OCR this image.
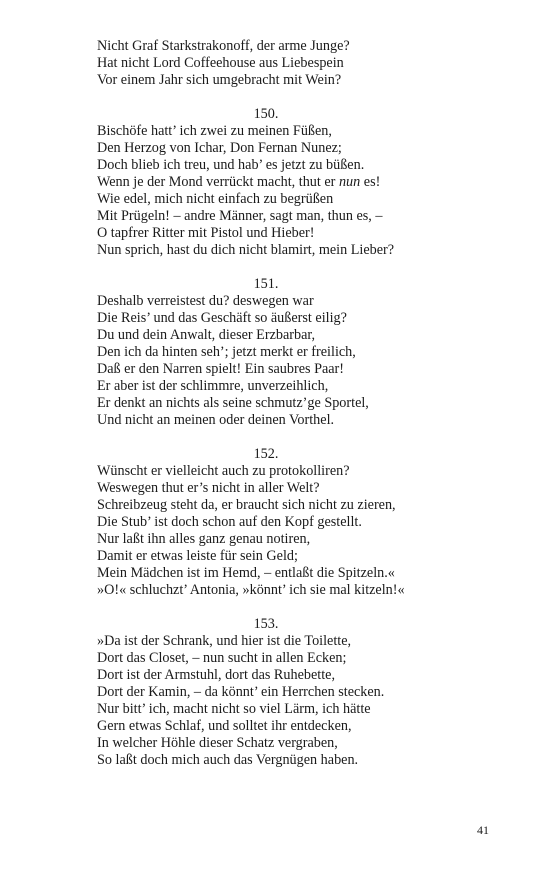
Nicht Graf Starkstrakonoff, der arme Junge?
Hat nicht Lord Coffeehouse aus Liebespein
Vor einem Jahr sich umgebracht mit Wein?
150.
Bischöfe hatt’ ich zwei zu meinen Füßen,
Den Herzog von Ichar, Don Fernan Nunez;
Doch blieb ich treu, und hab’ es jetzt zu büßen.
Wenn je der Mond verrückt macht, thut er nun es!
Wie edel, mich nicht einfach zu begrüßen
Mit Prügeln! – andre Männer, sagt man, thun es, –
O tapfrer Ritter mit Pistol und Hieber!
Nun sprich, hast du dich nicht blamirt, mein Lieber?
151.
Deshalb verreistest du? deswegen war
Die Reis’ und das Geschäft so äußerst eilig?
Du und dein Anwalt, dieser Erzbarbar,
Den ich da hinten seh’; jetzt merkt er freilich,
Daß er den Narren spielt! Ein saubres Paar!
Er aber ist der schlimmre, unverzeihlich,
Er denkt an nichts als seine schmutz’ge Sportel,
Und nicht an meinen oder deinen Vorthel.
152.
Wünscht er vielleicht auch zu protokolliren?
Weswegen thut er’s nicht in aller Welt?
Schreibzeug steht da, er braucht sich nicht zu zieren,
Die Stub’ ist doch schon auf den Kopf gestellt.
Nur laßt ihn alles ganz genau notiren,
Damit er etwas leiste für sein Geld;
Mein Mädchen ist im Hemd, – entlaßt die Spitzeln.«
»O!« schluchzt’ Antonia, »könnt’ ich sie mal kitzeln!«
153.
»Da ist der Schrank, und hier ist die Toilette,
Dort das Closet, – nun sucht in allen Ecken;
Dort ist der Armstuhl, dort das Ruhebette,
Dort der Kamin, – da könnt’ ein Herrchen stecken.
Nur bitt’ ich, macht nicht so viel Lärm, ich hätte
Gern etwas Schlaf, und solltet ihr entdecken,
In welcher Höhle dieser Schatz vergraben,
So laßt doch mich auch das Vergnügen haben.
41
